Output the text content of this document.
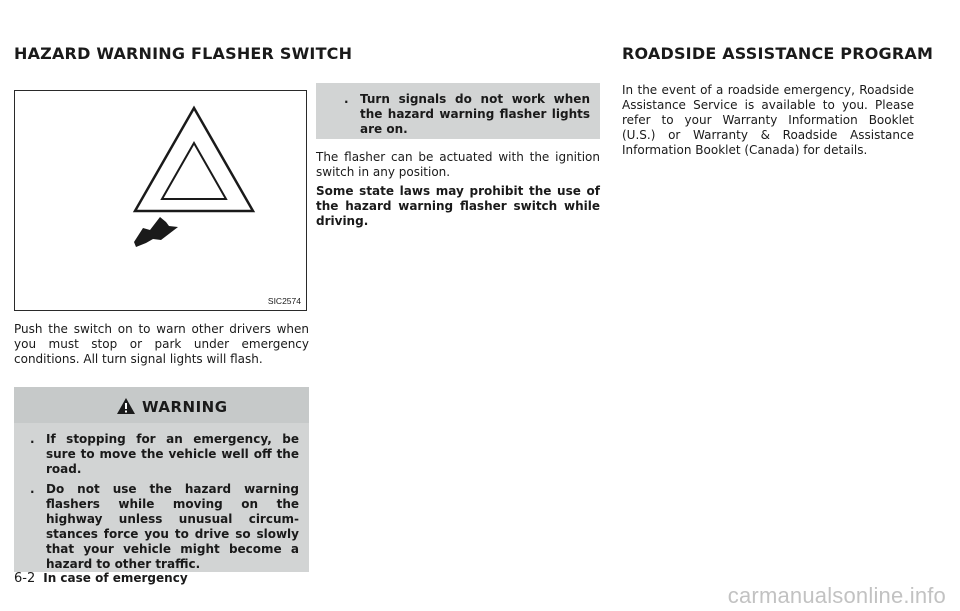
HAZARD WARNING FLASHER SWITCH	ROADSIDE ASSISTANCE PROGRAM
SIC2574

Push the switch on to warn other drivers when you must stop or park under emergency conditions. All turn signal lights will flash.

WARNING
. If stopping for an emergency, be sure to move the vehicle well off the road.
. Do not use the hazard warning flashers while moving on the highway unless unusual circum-stances force you to drive so slowly that your vehicle might become a hazard to other traffic.
. Turn signals do not work when the hazard warning flasher lights are on.

The flasher can be actuated with the ignition switch in any position.

Some state laws may prohibit the use of the hazard warning flasher switch while driving.

In the event of a roadside emergency, Roadside Assistance Service is available to you. Please refer to your Warranty Information Booklet (U.S.) or Warranty & Roadside Assistance Information Booklet (Canada) for details.

6-2 In case of emergency
carmanualsonline.info
